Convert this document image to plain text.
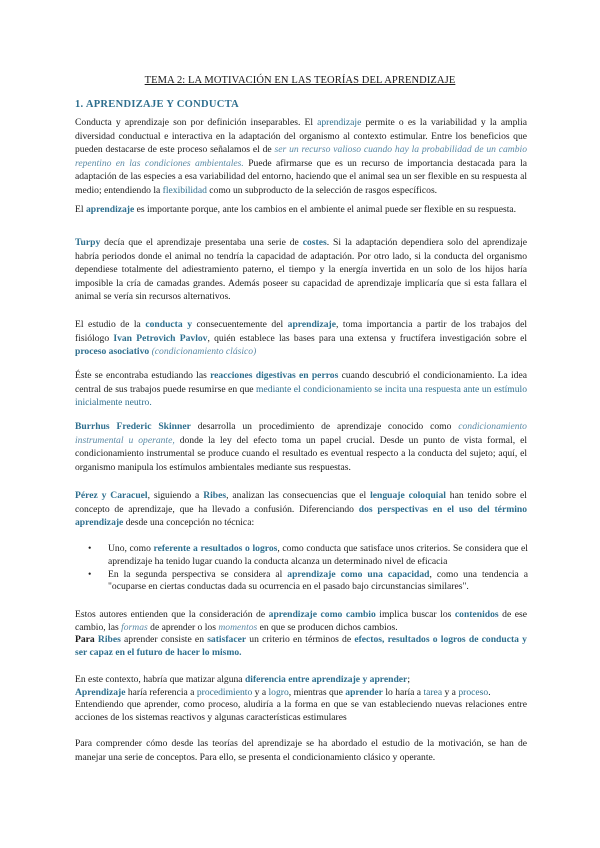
TEMA 2: LA MOTIVACIÓN EN LAS TEORÍAS DEL APRENDIZAJE
1. APRENDIZAJE Y CONDUCTA

Conducta y aprendizaje son por definición inseparables. El aprendizaje permite o es la variabilidad y la amplia diversidad conductual e interactiva en la adaptación del organismo al contexto estimular. Entre los beneficios que pueden destacarse de este proceso señalamos el de ser un recurso valioso cuando hay la probabilidad de un cambio repentino en las condiciones ambientales. Puede afirmarse que es un recurso de importancia destacada para la adaptación de las especies a esa variabilidad del entorno, haciendo que el animal sea un ser flexible en su respuesta al medio; entendiendo la flexibilidad como un subproducto de la selección de rasgos específicos.

El aprendizaje es importante porque, ante los cambios en el ambiente el animal puede ser flexible en su respuesta.

Turpy decía que el aprendizaje presentaba una serie de costes. Si la adaptación dependiera solo del aprendizaje habría periodos donde el animal no tendría la capacidad de adaptación. Por otro lado, si la conducta del organismo dependiese totalmente del adiestramiento paterno, el tiempo y la energía invertida en un solo de los hijos haría imposible la cría de camadas grandes. Además poseer su capacidad de aprendizaje implicaría que si esta fallara el animal se vería sin recursos alternativos.

El estudio de la conducta y consecuentemente del aprendizaje, toma importancia a partir de los trabajos del fisiólogo Ivan Petrovich Pavlov, quién establece las bases para una extensa y fructífera investigación sobre el proceso asociativo (condicionamiento clásico)

Éste se encontraba estudiando las reacciones digestivas en perros cuando descubrió el condicionamiento. La idea central de sus trabajos puede resumirse en que mediante el condicionamiento se incita una respuesta ante un estímulo inicialmente neutro.

Burrhus Frederic Skinner desarrolla un procedimiento de aprendizaje conocido como condicionamiento instrumental u operante, donde la ley del efecto toma un papel crucial. Desde un punto de vista formal, el condicionamiento instrumental se produce cuando el resultado es eventual respecto a la conducta del sujeto; aquí, el organismo manipula los estímulos ambientales mediante sus respuestas.

Pérez y Caracuel, siguiendo a Ribes, analizan las consecuencias que el lenguaje coloquial han tenido sobre el concepto de aprendizaje, que ha llevado a confusión. Diferenciando dos perspectivas en el uso del término aprendizaje desde una concepción no técnica:

• Uno, como referente a resultados o logros, como conducta que satisface unos criterios. Se considera que el aprendizaje ha tenido lugar cuando la conducta alcanza un determinado nivel de eficacia
• En la segunda perspectiva se considera al aprendizaje como una capacidad, como una tendencia a "ocuparse en ciertas conductas dada su ocurrencia en el pasado bajo circunstancias similares".

Estos autores entienden que la consideración de aprendizaje como cambio implica buscar los contenidos de ese cambio, las formas de aprender o los momentos en que se producen dichos cambios.
Para Ribes aprender consiste en satisfacer un criterio en términos de efectos, resultados o logros de conducta y ser capaz en el futuro de hacer lo mismo.

En este contexto, habría que matizar alguna diferencia entre aprendizaje y aprender;
Aprendizaje haría referencia a procedimiento y a logro, mientras que aprender lo haría a tarea y a proceso.
Entendiendo que aprender, como proceso, aludiría a la forma en que se van estableciendo nuevas relaciones entre acciones de los sistemas reactivos y algunas características estimulares

Para comprender cómo desde las teorías del aprendizaje se ha abordado el estudio de la motivación, se han de manejar una serie de conceptos. Para ello, se presenta el condicionamiento clásico y operante.
